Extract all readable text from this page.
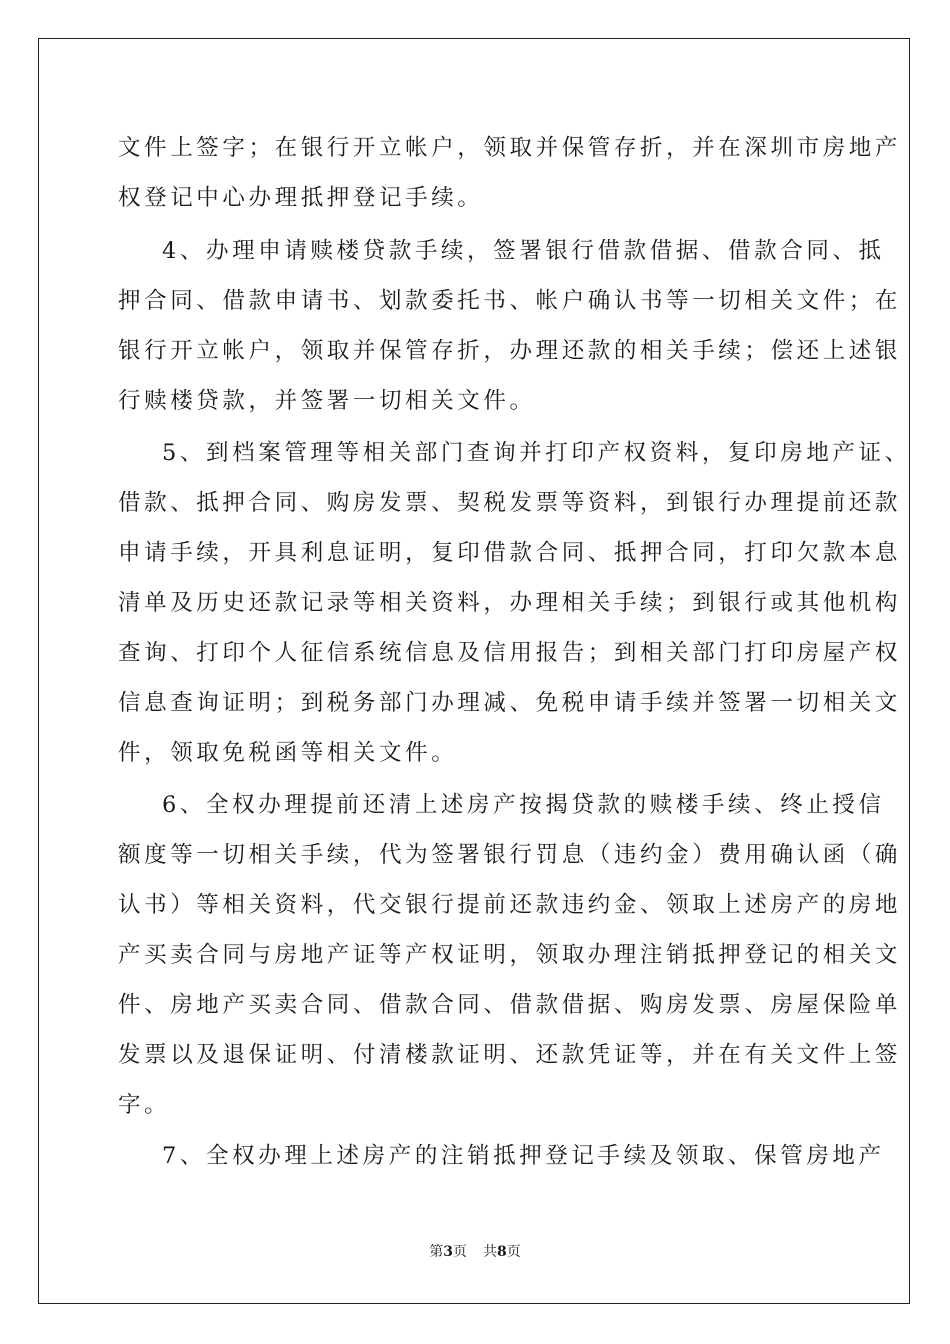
文件上签字；在银行开立帐户，领取并保管存折，并在深圳市房地产
权登记中心办理抵押登记手续。
4、办理申请赎楼贷款手续，签署银行借款借据、借款合同、抵
押合同、借款申请书、划款委托书、帐户确认书等一切相关文件；在
银行开立帐户，领取并保管存折，办理还款的相关手续；偿还上述银
行赎楼贷款，并签署一切相关文件。
5、到档案管理等相关部门查询并打印产权资料，复印房地产证、
借款、抵押合同、购房发票、契税发票等资料，到银行办理提前还款
申请手续，开具利息证明，复印借款合同、抵押合同，打印欠款本息
清单及历史还款记录等相关资料，办理相关手续；到银行或其他机构
查询、打印个人征信系统信息及信用报告；到相关部门打印房屋产权
信息查询证明；到税务部门办理减、免税申请手续并签署一切相关文
件，领取免税函等相关文件。
6、全权办理提前还清上述房产按揭贷款的赎楼手续、终止授信
额度等一切相关手续，代为签署银行罚息（违约金）费用确认函（确
认书）等相关资料，代交银行提前还款违约金、领取上述房产的房地
产买卖合同与房地产证等产权证明，领取办理注销抵押登记的相关文
件、房地产买卖合同、借款合同、借款借据、购房发票、房屋保险单
发票以及退保证明、付清楼款证明、还款凭证等，并在有关文件上签
字。
7、全权办理上述房产的注销抵押登记手续及领取、保管房地产
第3页 共8页
